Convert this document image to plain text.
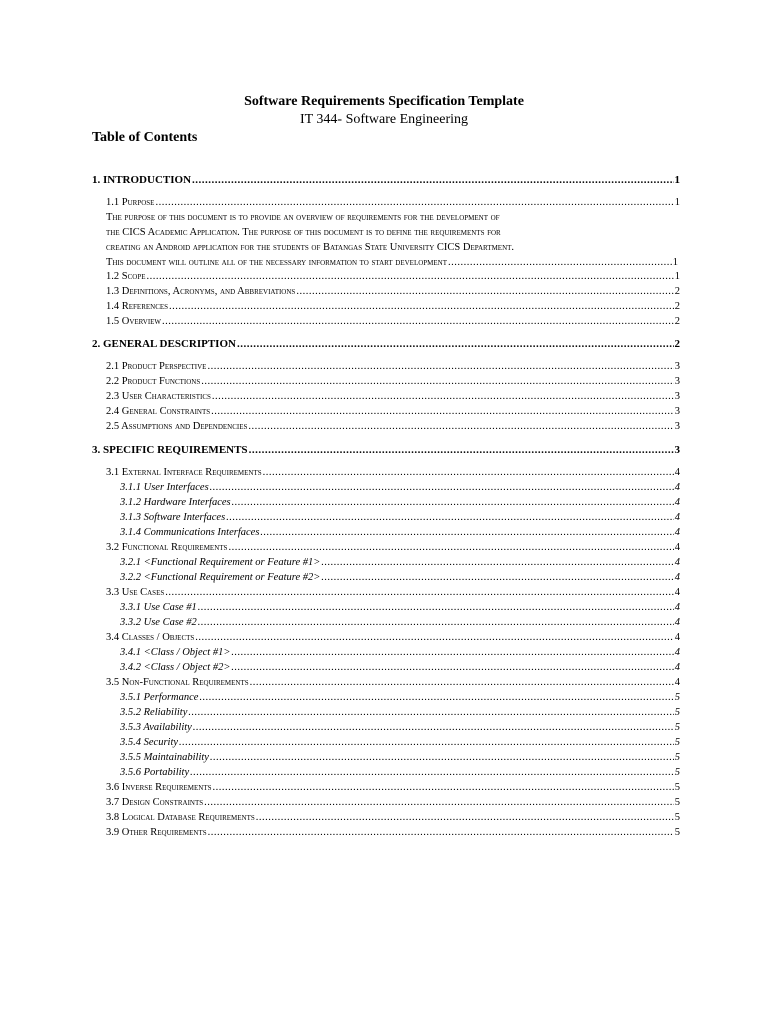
Software Requirements Specification Template
IT 344- Software Engineering
Table of Contents
The purpose of this document is to provide an overview of requirements for the development of
the CICS Academic Application. The purpose of this document is to define the requirements for
creating an Android application for the students of Batangas State University CICS Department.
This document will outline all of the necessary information to start development .....	1
1. INTRODUCTION .....	1
1.1 Purpose .....	1
1.2 Scope .....	1
1.3 Definitions, Acronyms, and Abbreviations .....	2
1.4 References .....	2
1.5 Overview .....	2
2. GENERAL DESCRIPTION .....	2
2.1 Product Perspective .....	3
2.2 Product Functions .....	3
2.3 User Characteristics .....	3
2.4 General Constraints .....	3
2.5 Assumptions and Dependencies .....	3
3. SPECIFIC REQUIREMENTS .....	3
3.1 External Interface Requirements .....	4
3.1.1 User Interfaces .....	4
3.1.2 Hardware Interfaces .....	4
3.1.3 Software Interfaces .....	4
3.1.4 Communications Interfaces .....	4
3.2 Functional Requirements .....	4
3.2.1 <Functional Requirement or Feature #1> .....	4
3.2.2 <Functional Requirement or Feature #2> .....	4
3.3 Use Cases .....	4
3.3.1 Use Case #1 .....	4
3.3.2 Use Case #2 .....	4
3.4 Classes / Objects .....	4
3.4.1 <Class / Object #1> .....	4
3.4.2 <Class / Object #2> .....	4
3.5 Non-Functional Requirements .....	4
3.5.1 Performance .....	5
3.5.2 Reliability .....	5
3.5.3 Availability .....	5
3.5.4 Security .....	5
3.5.5 Maintainability .....	5
3.5.6 Portability .....	5
3.6 Inverse Requirements .....	5
3.7 Design Constraints .....	5
3.8 Logical Database Requirements .....	5
3.9 Other Requirements .....	5
